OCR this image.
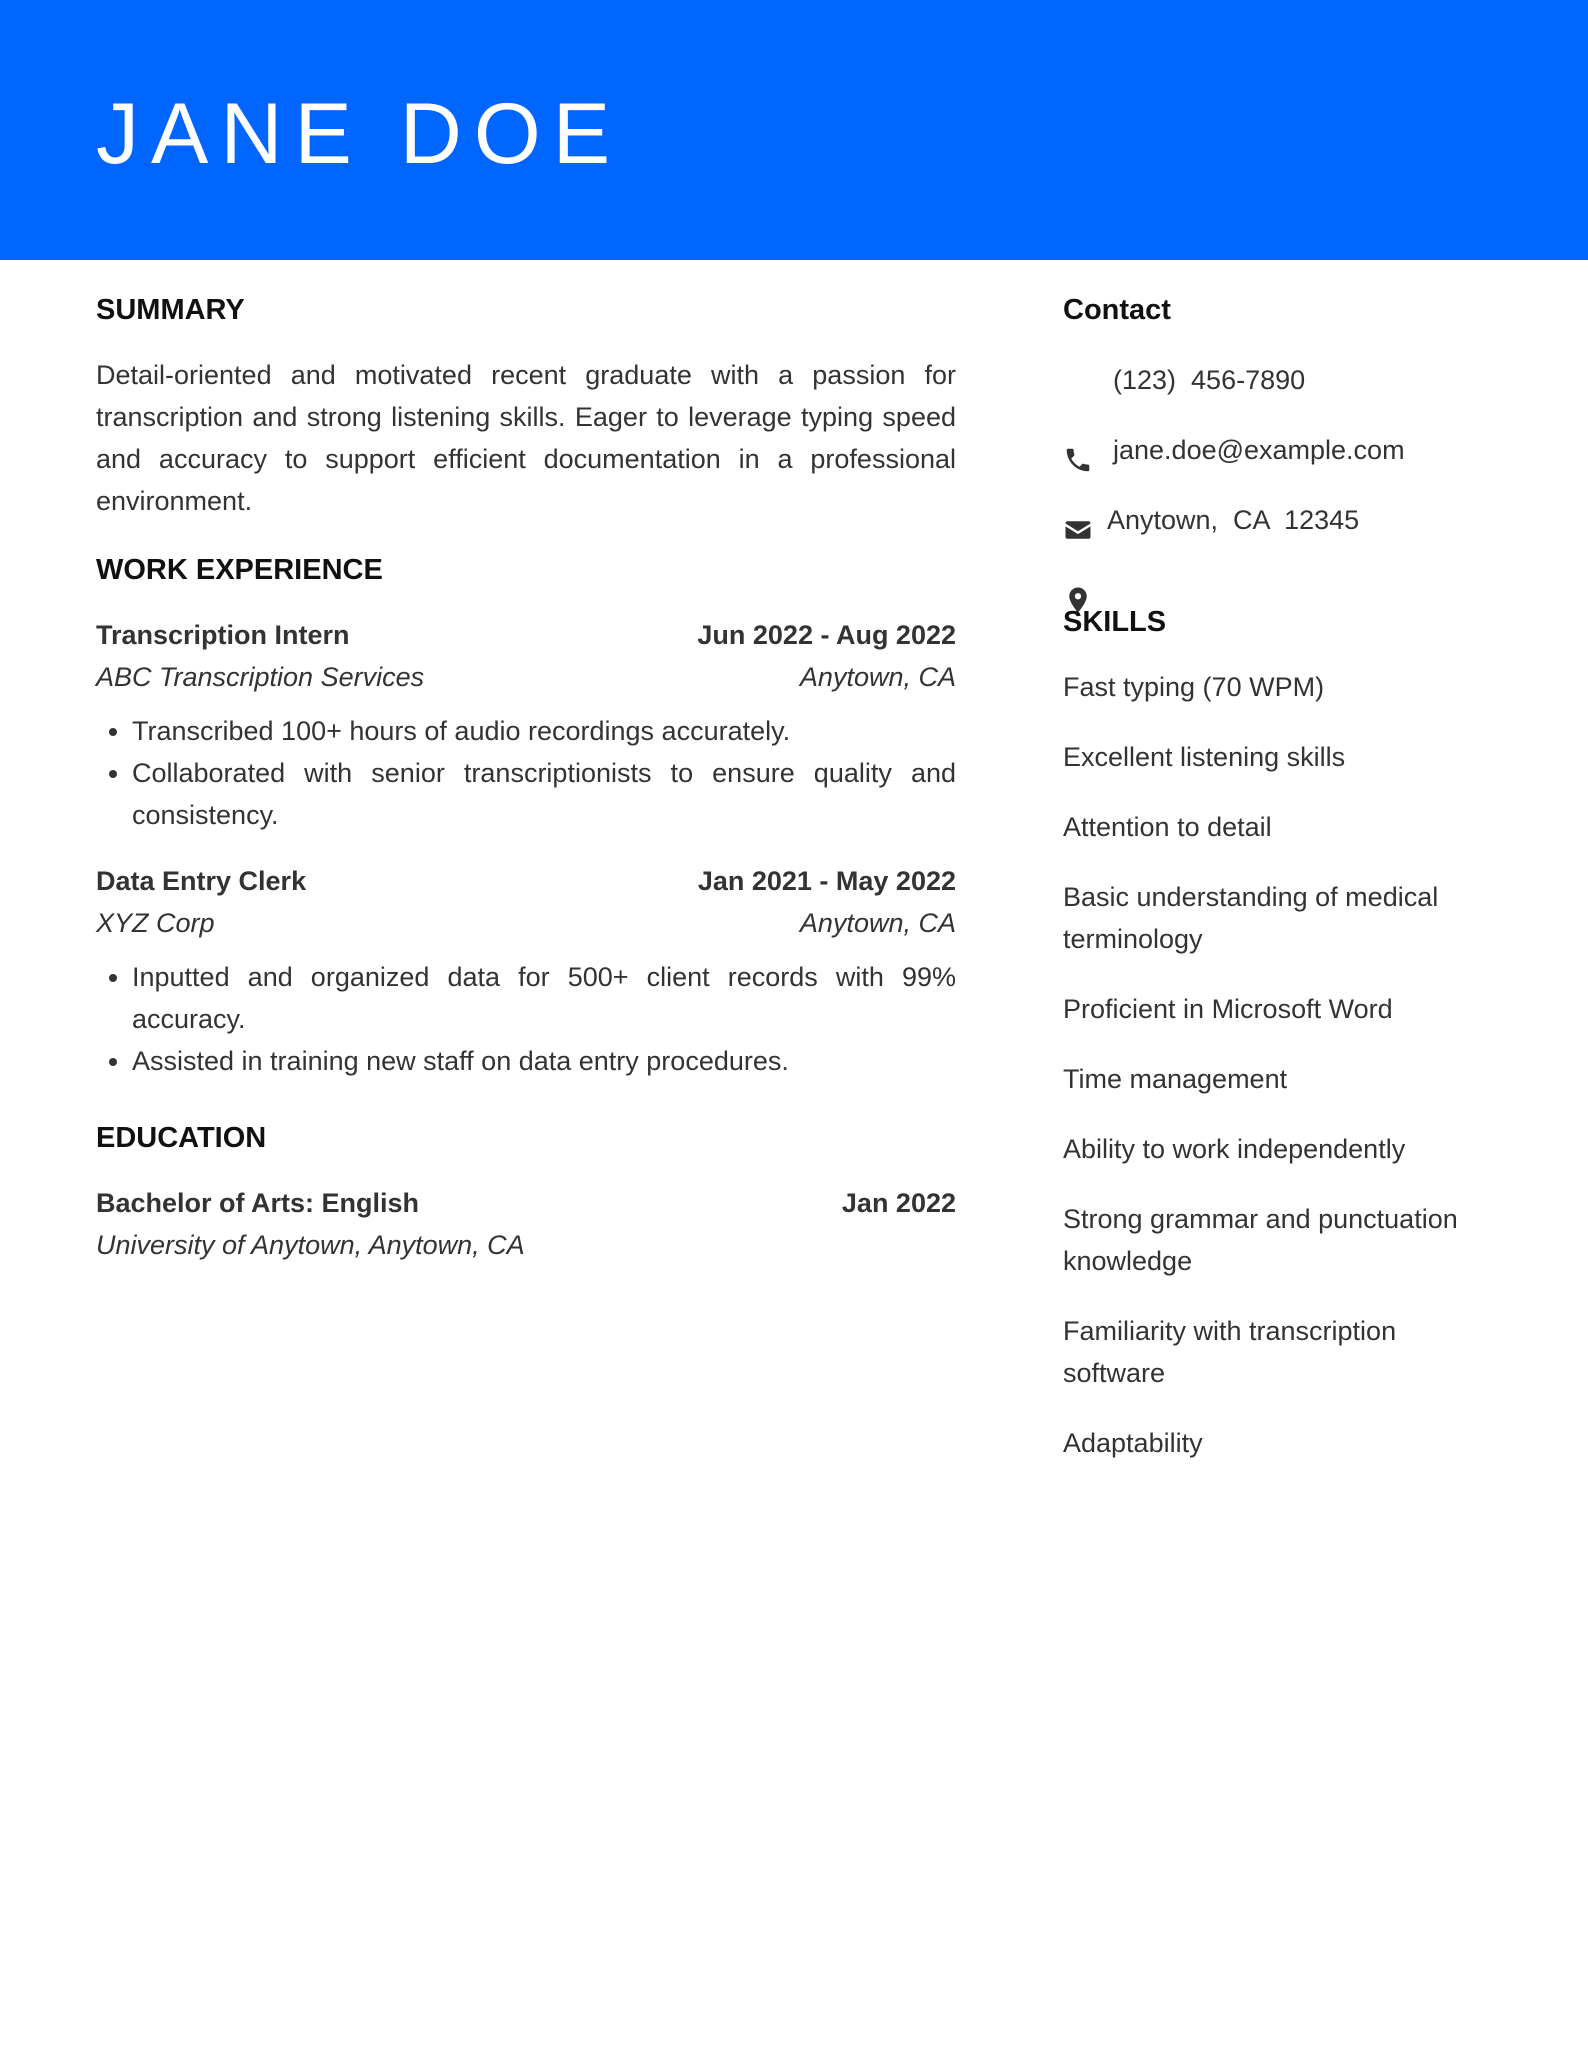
JANE DOE
SUMMARY

Detail-oriented and motivated recent graduate with a passion for transcription and strong listening skills. Eager to leverage typing speed and accuracy to support efficient documentation in a professional environment.

WORK EXPERIENCE
Transcription Intern	Jun 2022 - Aug 2022
ABC Transcription Services	Anytown, CA
• Transcribed 100+ hours of audio recordings accurately.
• Collaborated with senior transcriptionists to ensure quality and consistency.
Data Entry Clerk	Jan 2021 - May 2022
XYZ Corp	Anytown, CA
• Inputted and organized data for 500+ client records with 99% accuracy.
• Assisted in training new staff on data entry procedures.
EDUCATION
Bachelor of Arts: English	Jan 2022
University of Anytown, Anytown, CA
Contact

(123)  456-7890

jane.doe@example.com

Anytown,  CA  12345
SKILLS
Fast typing (70 WPM)
Excellent listening skills
Attention to detail
Basic understanding of medical terminology
Proficient in Microsoft Word
Time management
Ability to work independently
Strong grammar and punctuation knowledge
Familiarity with transcription software
Adaptability
